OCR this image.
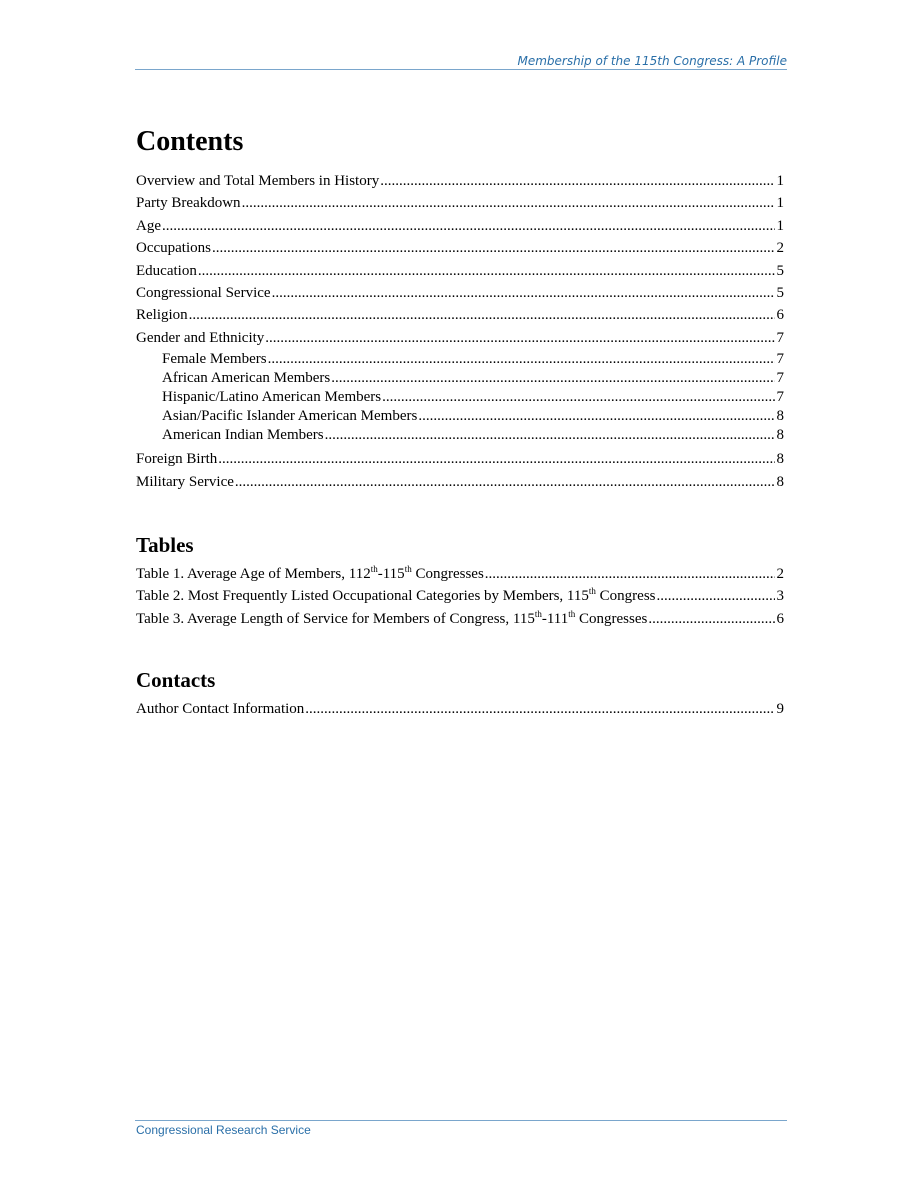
Membership of the 115th Congress: A Profile
Contents
Overview and Total Members in History .....	1
Party Breakdown .....	1
Age .....	1
Occupations .....	2
Education .....	5
Congressional Service .....	5
Religion .....	6
Gender and Ethnicity .....	7
Female Members .....	7
African American Members .....	7
Hispanic/Latino American Members .....	7
Asian/Pacific Islander American Members .....	8
American Indian Members .....	8
Foreign Birth .....	8
Military Service .....	8
Tables
Table 1. Average Age of Members, 112th-115th Congresses .....	2
Table 2. Most Frequently Listed Occupational Categories by Members, 115th Congress .....	3
Table 3. Average Length of Service for Members of Congress, 115th-111th Congresses .....	6
Contacts
Author Contact Information .....	9
Congressional Research Service
